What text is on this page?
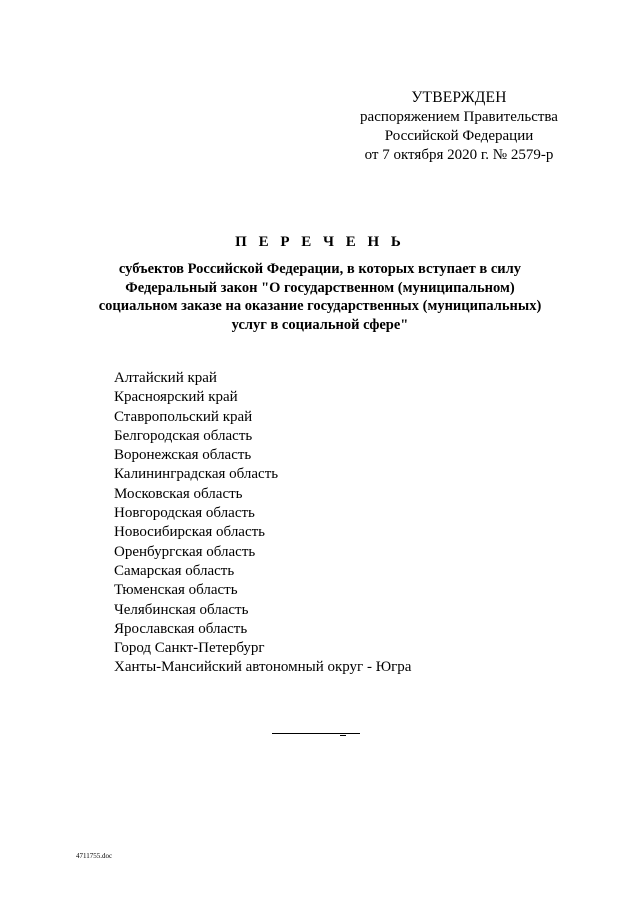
УТВЕРЖДЕН
распоряжением Правительства
Российской Федерации
от 7 октября 2020 г. № 2579-р
П Е Р Е Ч Е Н Ь
субъектов Российской Федерации, в которых вступает в силу
Федеральный закон "О государственном (муниципальном)
социальном заказе на оказание государственных (муниципальных)
услуг в социальной сфере"
Алтайский край
Красноярский край
Ставропольский край
Белгородская область
Воронежская область
Калининградская область
Московская область
Новгородская область
Новосибирская область
Оренбургская область
Самарская область
Тюменская область
Челябинская область
Ярославская область
Город Санкт-Петербург
Ханты-Мансийский автономный округ - Югра
4711755.doc
